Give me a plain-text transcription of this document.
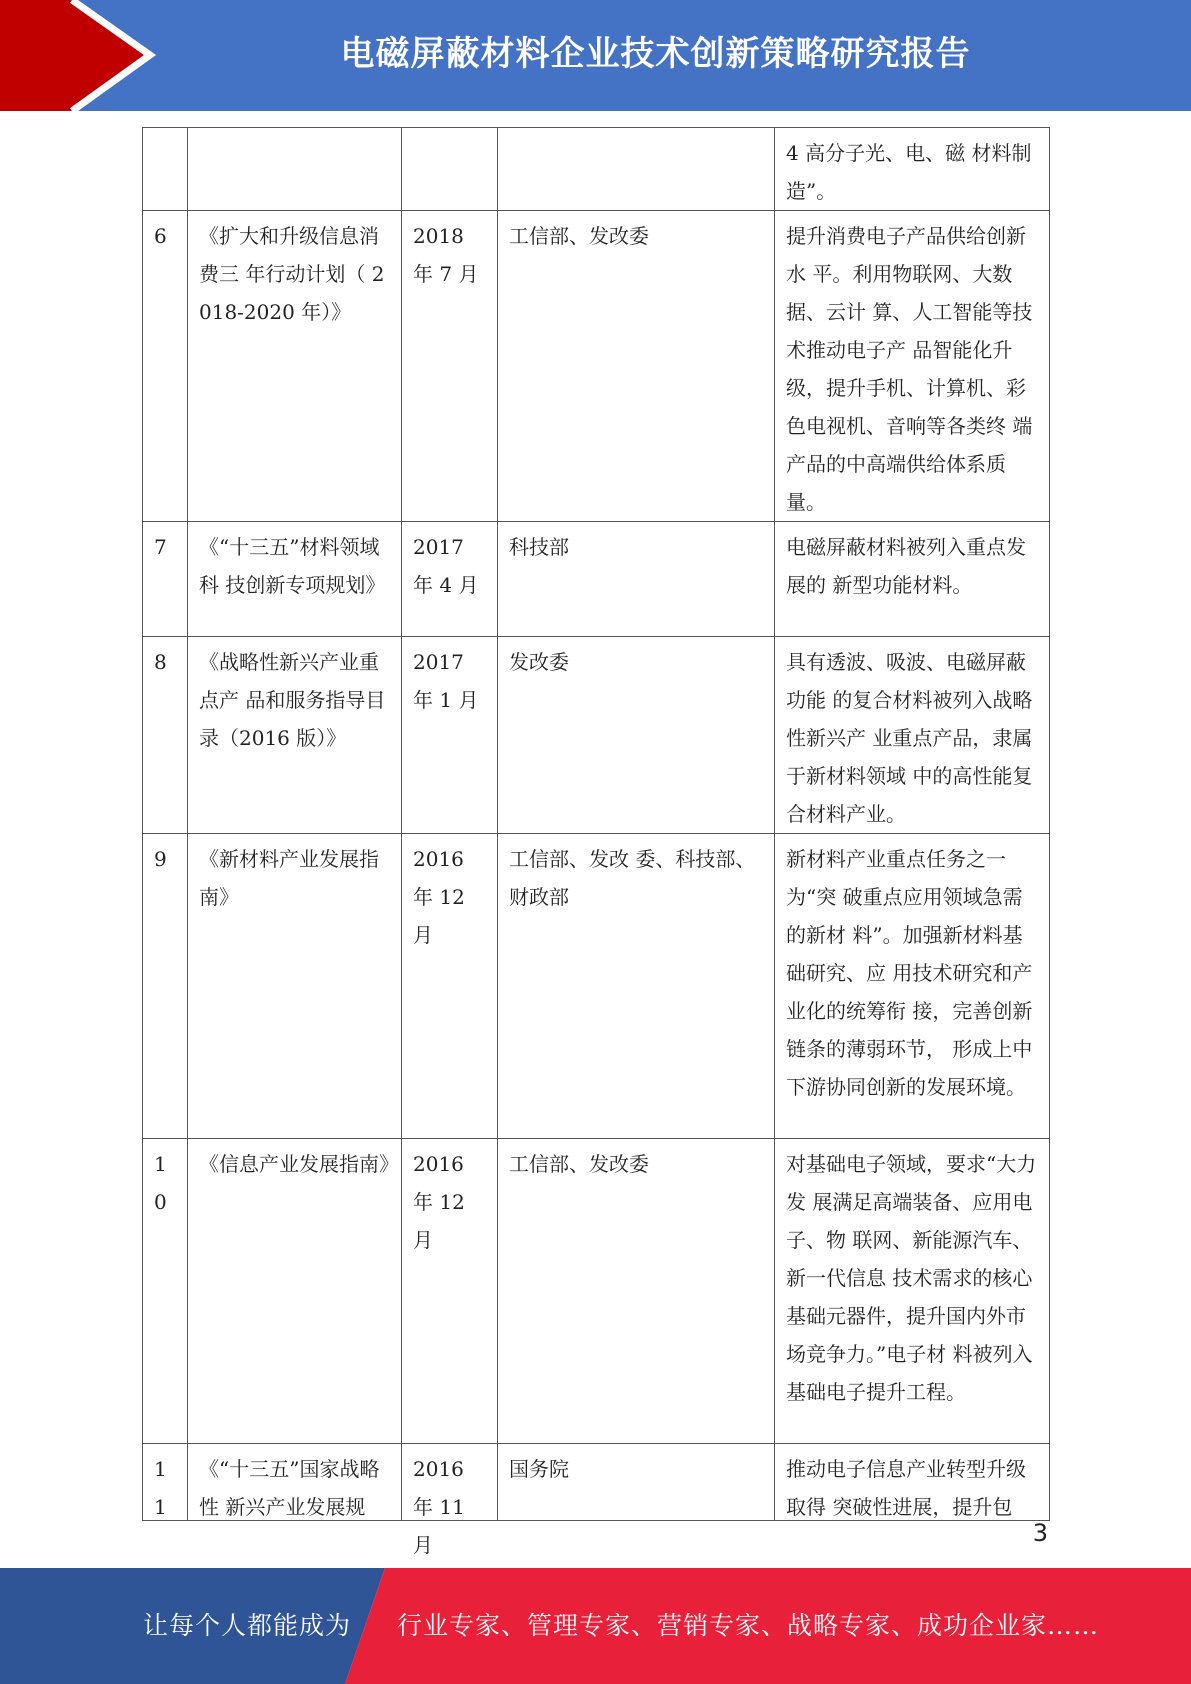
电磁屏蔽材料企业技术创新策略研究报告
				4 高分子光、电、磁 材料制造”。
6	《扩大和升级信息消费三 年行动计划（ 2018-2020 年）》	2018 年 7 月	工信部、发改委	提升消费电子产品供给创新水 平。利用物联网、大数据、云计 算、人工智能等技术推动电子产 品智能化升级，提升手机、计算机、彩色电视机、音响等各类终 端产品的中高端供给体系质量。
7	《“十三五”材料领域科 技创新专项规划》	2017 年 4 月	科技部	电磁屏蔽材料被列入重点发展的 新型功能材料。
8	《战略性新兴产业重点产 品和服务指导目录（2016 版）》	2017 年 1 月	发改委	具有透波、吸波、电磁屏蔽功能 的复合材料被列入战略性新兴产 业重点产品，隶属于新材料领域 中的高性能复合材料产业。
9	《新材料产业发展指南》	2016 年 12 月	工信部、发改 委、科技部、 财政部	新材料产业重点任务之一为“突 破重点应用领域急需的新材 料”。加强新材料基础研究、应 用技术研究和产业化的统筹衔 接，完善创新链条的薄弱环节， 形成上中下游协同创新的发展环境。
10	《信息产业发展指南》	2016 年 12 月	工信部、发改委	对基础电子领域，要求“大力发 展满足高端装备、应用电子、物 联网、新能源汽车、新一代信息 技术需求的核心基础元器件，提升国内外市场竞争力。”电子材 料被列入基础电子提升工程。

11	《“十三五”国家战略性 新兴产业发展规	2016 年 11 月	国务院	推动电子信息产业转型升级取得 突破性进展，提升包
3
让每个人都能成为 行业专家、管理专家、营销专家、战略专家、成功企业家……
